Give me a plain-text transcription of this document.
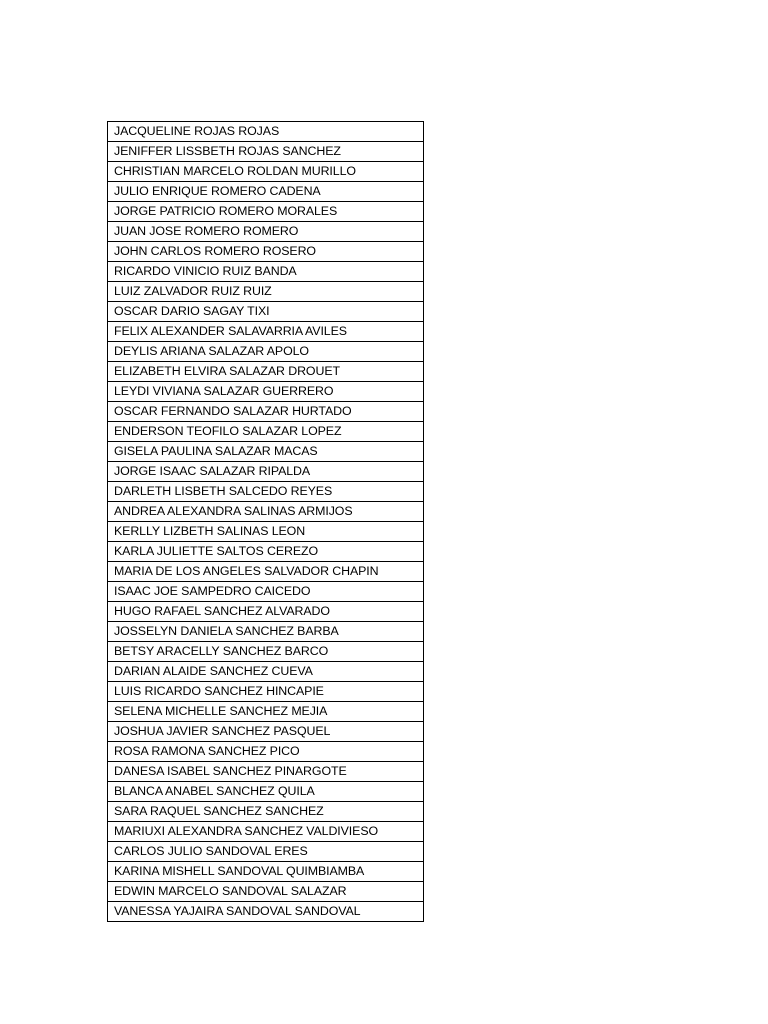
JACQUELINE ROJAS ROJAS
JENIFFER LISSBETH ROJAS SANCHEZ
CHRISTIAN MARCELO ROLDAN MURILLO
JULIO ENRIQUE ROMERO CADENA
JORGE PATRICIO ROMERO MORALES
JUAN JOSE ROMERO ROMERO
JOHN CARLOS ROMERO ROSERO
RICARDO VINICIO RUIZ BANDA
LUIZ ZALVADOR RUIZ RUIZ
OSCAR DARIO SAGAY TIXI
FELIX ALEXANDER SALAVARRIA AVILES
DEYLIS ARIANA SALAZAR APOLO
ELIZABETH ELVIRA SALAZAR DROUET
LEYDI VIVIANA SALAZAR GUERRERO
OSCAR FERNANDO SALAZAR HURTADO
ENDERSON TEOFILO SALAZAR LOPEZ
GISELA PAULINA SALAZAR MACAS
JORGE ISAAC SALAZAR RIPALDA
DARLETH LISBETH SALCEDO REYES
ANDREA ALEXANDRA SALINAS ARMIJOS
KERLLY LIZBETH SALINAS LEON
KARLA JULIETTE SALTOS CEREZO
MARIA DE LOS ANGELES SALVADOR CHAPIN
ISAAC JOE SAMPEDRO CAICEDO
HUGO RAFAEL SANCHEZ ALVARADO
JOSSELYN DANIELA SANCHEZ BARBA
BETSY ARACELLY SANCHEZ BARCO
DARIAN ALAIDE SANCHEZ CUEVA
LUIS RICARDO SANCHEZ HINCAPIE
SELENA MICHELLE SANCHEZ MEJIA
JOSHUA JAVIER SANCHEZ PASQUEL
ROSA RAMONA SANCHEZ PICO
DANESA ISABEL SANCHEZ PINARGOTE
BLANCA ANABEL SANCHEZ QUILA
SARA RAQUEL SANCHEZ SANCHEZ
MARIUXI ALEXANDRA SANCHEZ VALDIVIESO
CARLOS JULIO SANDOVAL ERES
KARINA MISHELL SANDOVAL QUIMBIAMBA
EDWIN MARCELO SANDOVAL SALAZAR
VANESSA YAJAIRA SANDOVAL SANDOVAL
